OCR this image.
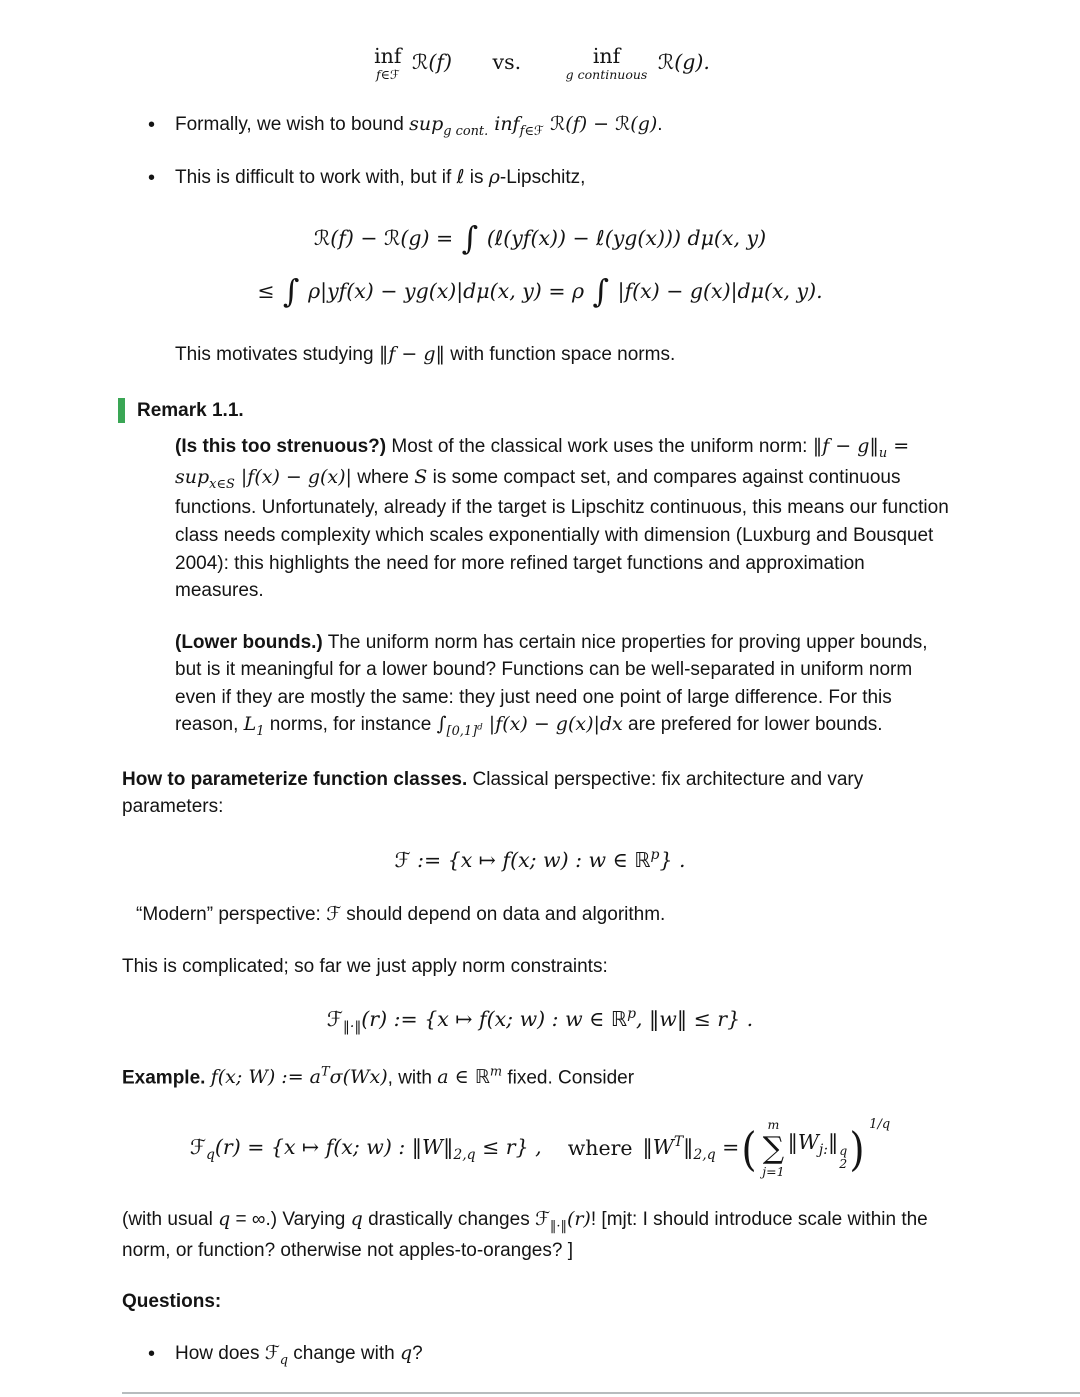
inf
f∈ℱ
ℛ(f) vs.	inf
g continuous
ℛ(g).
•	Formally, we wish to bound sup$_{g cont.}$ inf$_{f\in ℱ}$ ℛ(f) − ℛ(g).
•	This is difficult to work with, but if ℓ is ρ-Lipschitz,
ℛ(f) − ℛ(g) = ∫ (ℓ(yf(x)) − ℓ(yg(x))) dμ(x, y)
≤ ∫ ρ|yf(x) − yg(x)|dμ(x, y) = ρ ∫ |f(x) − g(x)|dμ(x, y).

This motivates studying ‖f − g‖ with function space norms.

Remark 1.1.

(Is this too strenuous?) Most of the classical work uses the uniform norm: ‖f − $g‖_u = sup_{x\in S}$ |f(x) − g(x)| where S is some compact set, and compares against continuous functions. Unfortunately, already if the target is Lipschitz continuous, this means our function class needs complexity which scales exponentially with dimension (Luxburg and Bousquet 2004): this highlights the need for more refined target functions and approximation measures.

(Lower bounds.) The uniform norm has certain nice properties for proving upper bounds, but is it meaningful for a lower bound? Functions can be well-separated in uniform norm even if they are mostly the same: they just need one point of large difference. For this reason, $L_1$ norms, for instance $\int_{[0,1]^d}$ |f(x) − g(x)|dx are prefered for lower bounds.

How to parameterize function classes. Classical perspective: fix architecture and vary parameters:

ℱ := {x ↦ f(x; w) : w ∈ ℝ$^p$} .

“Modern” perspective: ℱ should depend on data and algorithm.

This is complicated; so far we just apply norm constraints:

ℱ$_{‖\cdot‖}$(r) := {x ↦ f(x; w) : w ∈ ℝ$^p$, ‖w‖ ≤ r} .

Example. f(x; W) := $a^T\sigma(Wx)$, with a ∈ ℝ$^m$ fixed. Consider

ℱ$_q$(r) = {x ↦ f(x; w) : $‖W‖_{2,q} \le r$} , where $‖W^T‖_{2,q}$ = ( m
∑
j=1
$‖W_{j:}‖$ q
2 ) 1/q

(with usual q = ∞.) Varying q drastically changes ℱ$_{‖\cdot‖}$(r)! [mjt: I should introduce scale within the norm, or function? otherwise not apples-to-oranges? ]

Questions:

•	How does ℱ$_q$ change with q?
